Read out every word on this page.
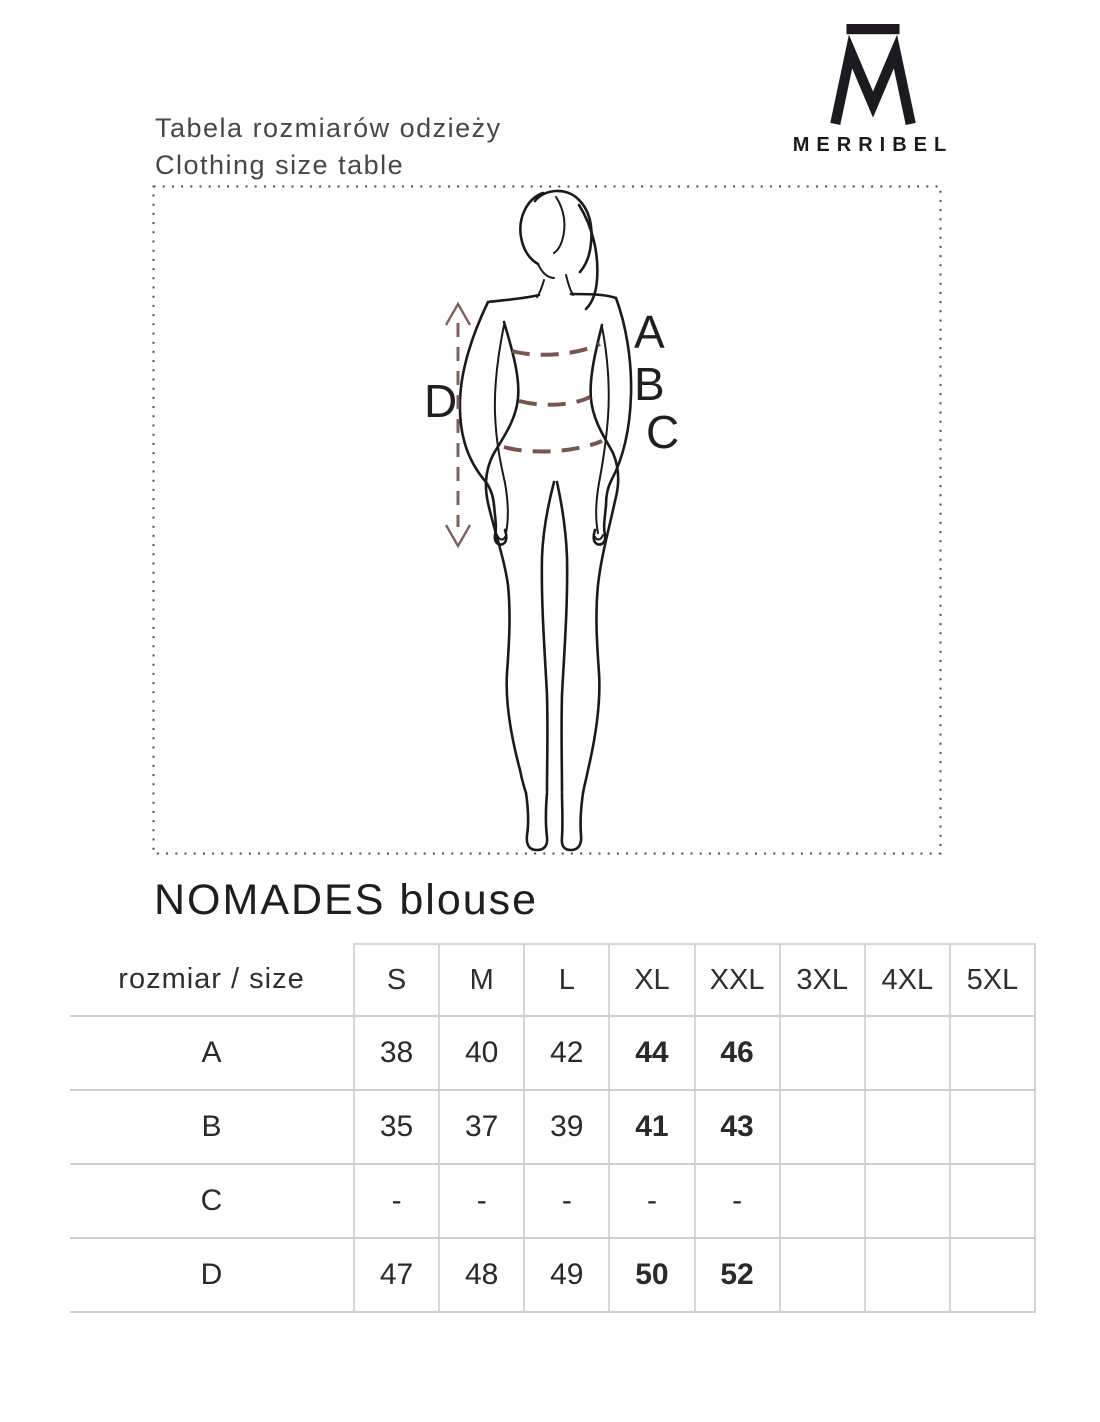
MERRIBEL
Tabela rozmiarów odzieży
Clothing size table
A
B
C
D
NOMADES blouse
rozmiar / size	S	M	L	XL	XXL	3XL	4XL	5XL
A	38	40	42	44	46			
B	35	37	39	41	43			
C	-	-	-	-	-			
D	47	48	49	50	52			
